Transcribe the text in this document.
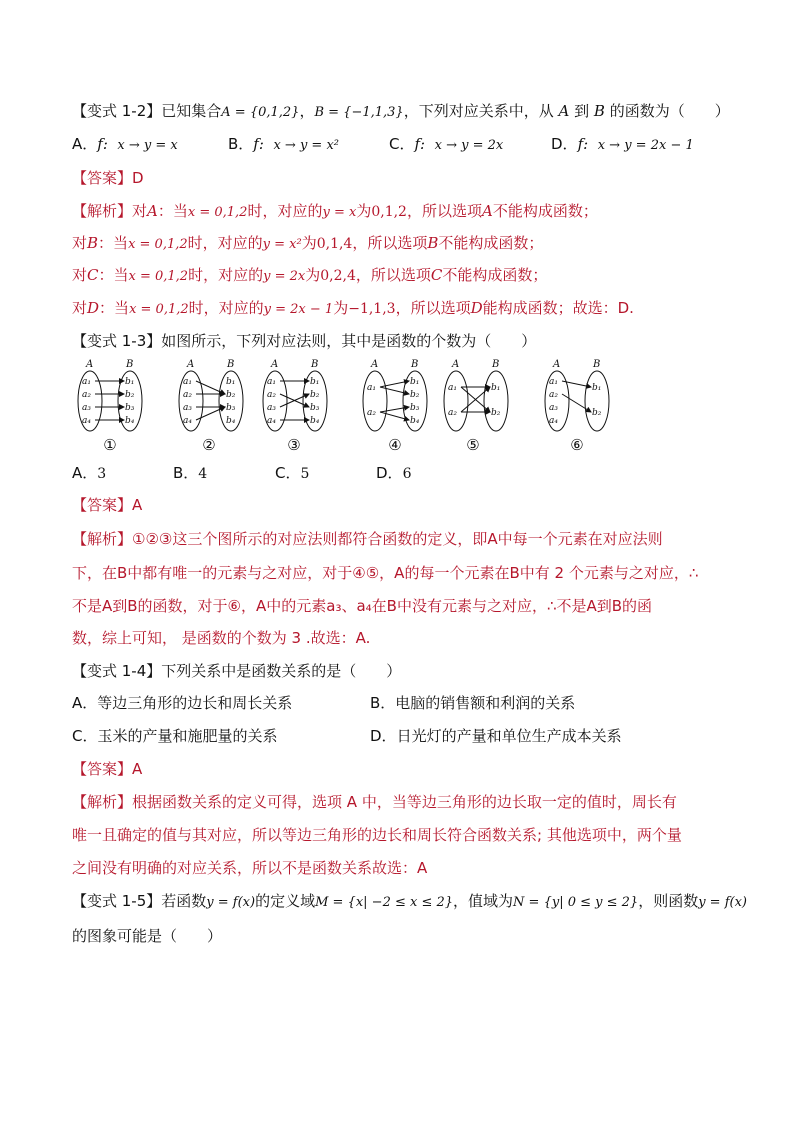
【变式 1-2】已知集合A = {0,1,2}，B = {−1,1,3}，下列对应关系中，从 A 到 B 的函数为（　　）
A．f: x → y = x	B．f: x → y = x²	C．f: x → y = 2x	D．f: x → y = 2x − 1
【答案】D
【解析】对A：当x = 0,1,2时，对应的y = x为0,1,2，所以选项A不能构成函数；
对B：当x = 0,1,2时，对应的y = x²为0,1,4，所以选项B不能构成函数；
对C：当x = 0,1,2时，对应的y = 2x为0,2,4，所以选项C不能构成函数；
对D：当x = 0,1,2时，对应的y = 2x − 1为−1,1,3，所以选项D能构成函数；故选：D.
【变式 1-3】如图所示，下列对应法则，其中是函数的个数为（　　）
A	B
a₁
a₂
a₃
a₄
b₁
b₂
b₃
b₄
A	B
a₁
a₂
a₃
a₄
b₁
b₂
b₃
b₄
A	B
a₁
a₂
a₃
a₄
b₁
b₂
b₃
b₄
A	B
a₁
a₂
b₁
b₂
b₃
b₄
A	B
a₁
a₂
b₁
b₂
A	B
a₁
a₂
a₃
a₄
b₁
b₂
①	②	③	④	⑤	⑥
A．3	B．4	C．5	D．6
【答案】A
【解析】①②③这三个图所示的对应法则都符合函数的定义，即A中每一个元素在对应法则
下，在B中都有唯一的元素与之对应，对于④⑤，A的每一个元素在B中有 2 个元素与之对应，∴
不是A到B的函数，对于⑥，A中的元素a₃、a₄在B中没有元素与之对应，∴不是A到B的函
数，综上可知， 是函数的个数为 3 .故选：A.
【变式 1-4】下列关系中是函数关系的是（　　）
A．等边三角形的边长和周长关系	B．电脑的销售额和利润的关系
C．玉米的产量和施肥量的关系	D．日光灯的产量和单位生产成本关系
【答案】A
【解析】根据函数关系的定义可得，选项 A 中，当等边三角形的边长取一定的值时，周长有
唯一且确定的值与其对应，所以等边三角形的边长和周长符合函数关系; 其他选项中，两个量
之间没有明确的对应关系，所以不是函数关系故选：A
【变式 1-5】若函数y = f(x)的定义域M = {x| −2 ≤ x ≤ 2}，值域为N = {y| 0 ≤ y ≤ 2}，则函数y = f(x)
的图象可能是（　　）
